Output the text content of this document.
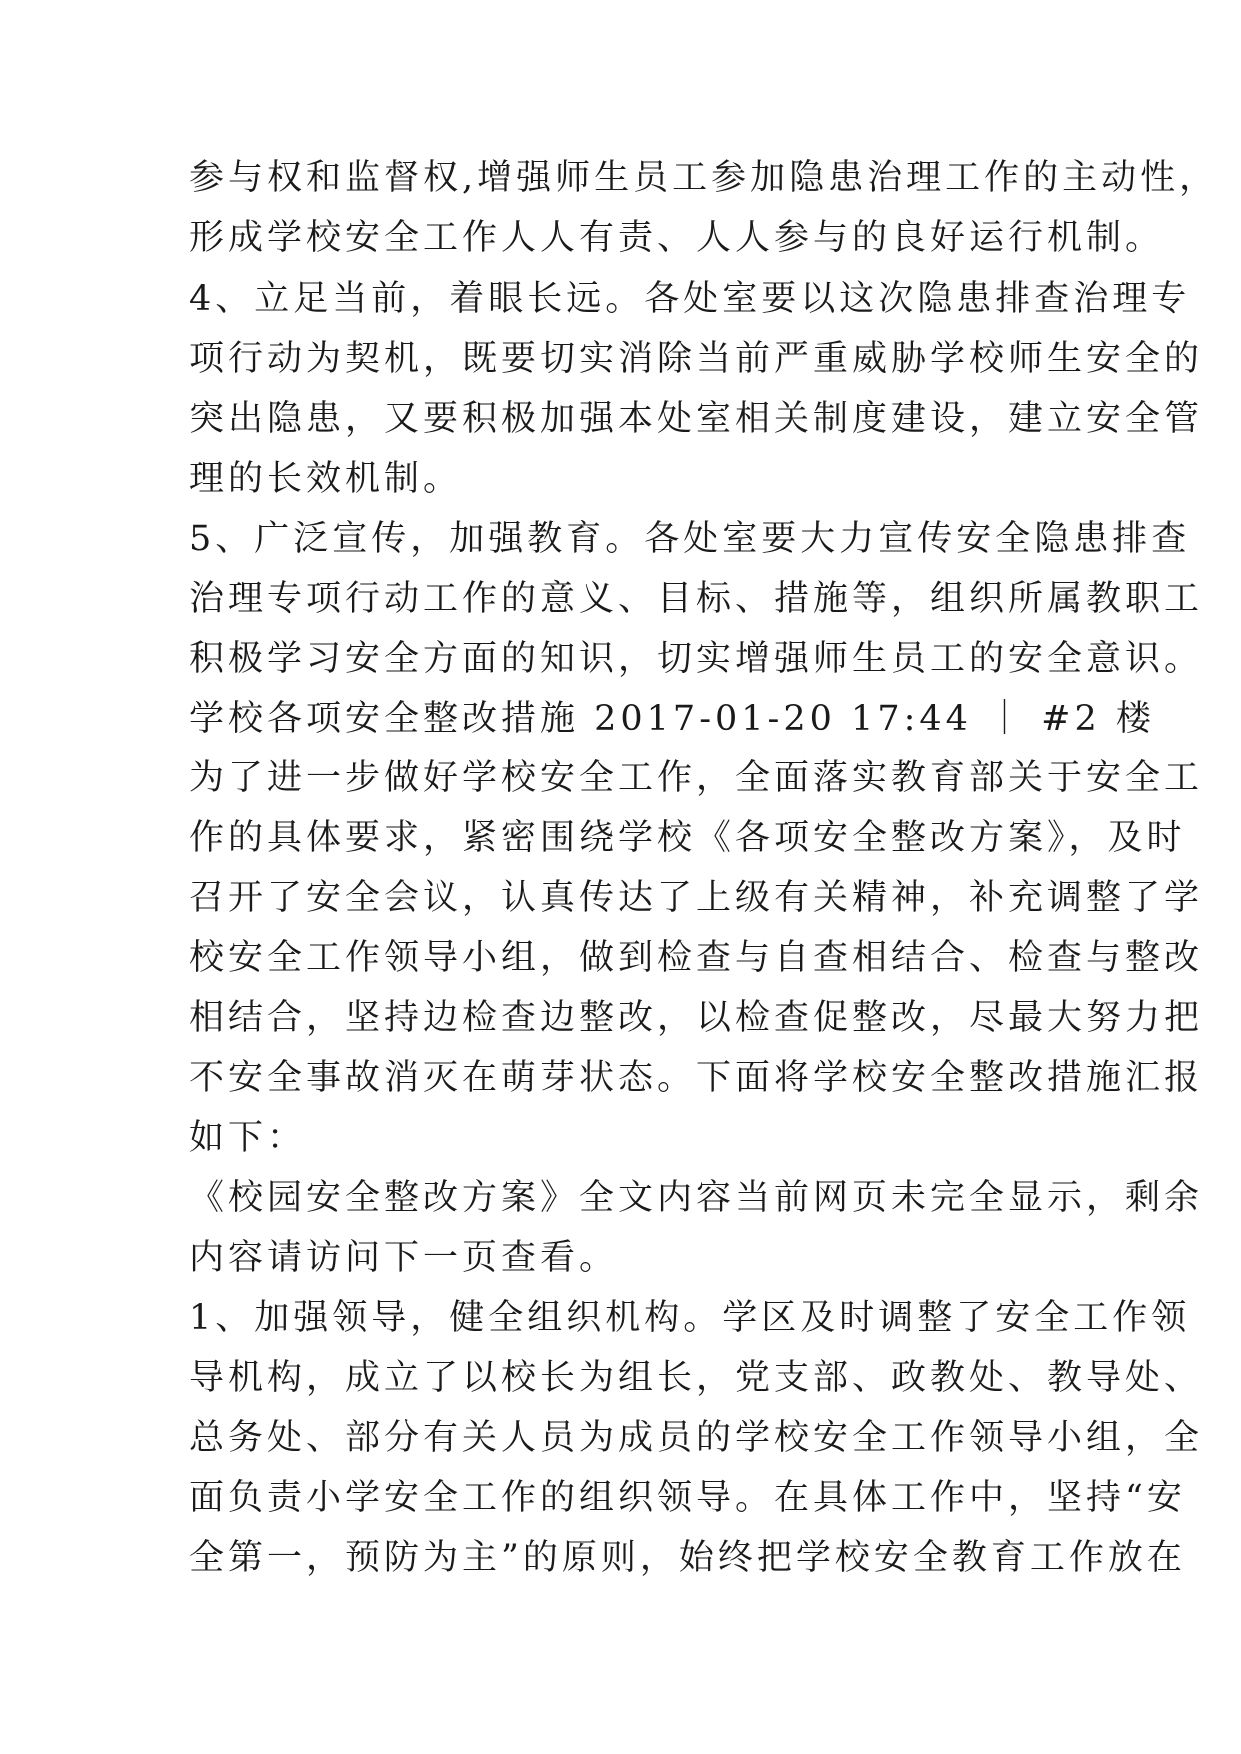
参与权和监督权,增强师生员工参加隐患治理工作的主动性，
形成学校安全工作人人有责、人人参与的良好运行机制。
4、立足当前，着眼长远。各处室要以这次隐患排查治理专
项行动为契机，既要切实消除当前严重威胁学校师生安全的
突出隐患，又要积极加强本处室相关制度建设，建立安全管
理的长效机制。
5、广泛宣传，加强教育。各处室要大力宣传安全隐患排查
治理专项行动工作的意义、目标、措施等，组织所属教职工
积极学习安全方面的知识，切实增强师生员工的安全意识。
学校各项安全整改措施 2017-01-20 17:44 ｜ #2 楼
为了进一步做好学校安全工作，全面落实教育部关于安全工
作的具体要求，紧密围绕学校《各项安全整改方案》，及时
召开了安全会议，认真传达了上级有关精神，补充调整了学
校安全工作领导小组，做到检查与自查相结合、检查与整改
相结合，坚持边检查边整改，以检查促整改，尽最大努力把
不安全事故消灭在萌芽状态。下面将学校安全整改措施汇报
如下：
《校园安全整改方案》全文内容当前网页未完全显示，剩余
内容请访问下一页查看。
1、加强领导，健全组织机构。学区及时调整了安全工作领
导机构，成立了以校长为组长，党支部、政教处、教导处、
总务处、部分有关人员为成员的学校安全工作领导小组，全
面负责小学安全工作的组织领导。在具体工作中，坚持“安
全第一，预防为主”的原则，始终把学校安全教育工作放在
